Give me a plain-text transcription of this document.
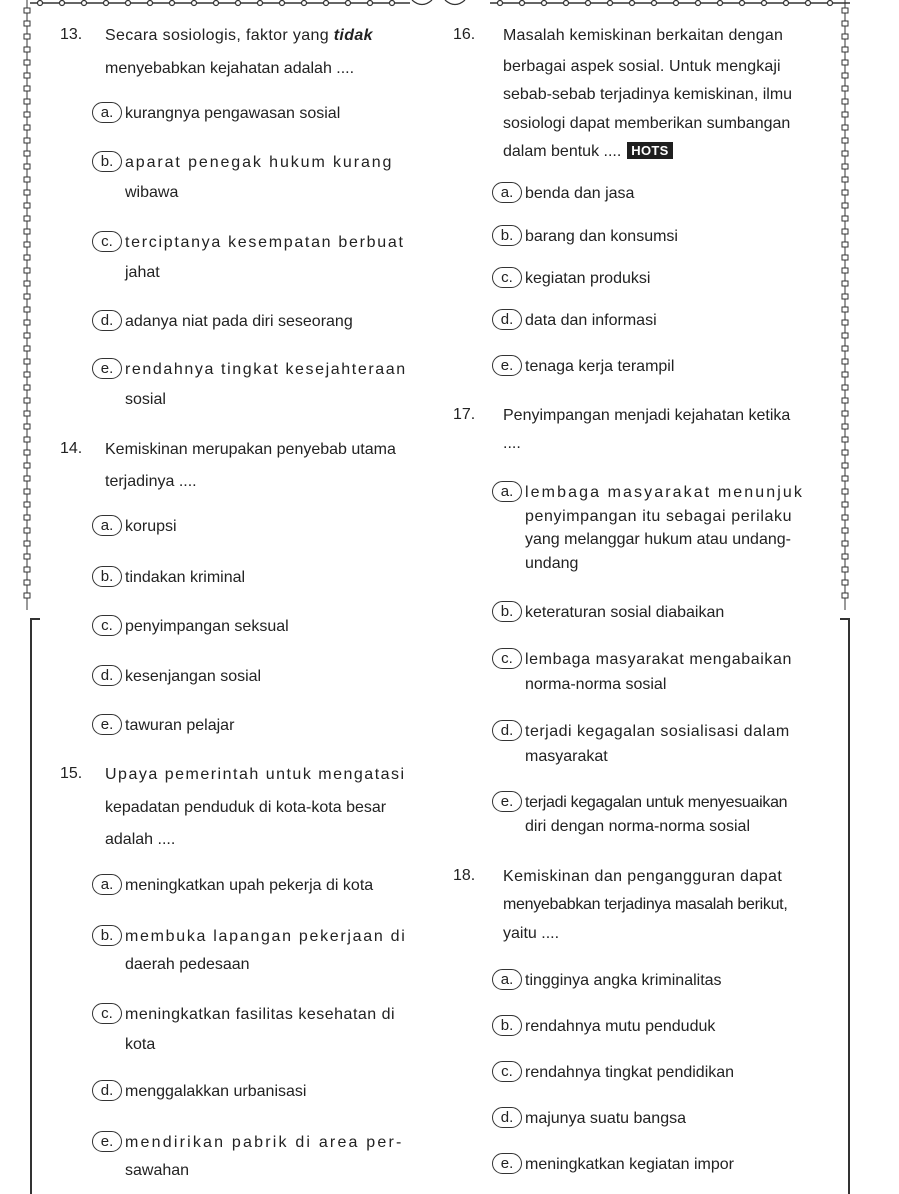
13. Secara sosiologis, faktor yang tidak
menyebabkan kejahatan adalah ....
a. kurangnya pengawasan sosial
b. aparat penegak hukum kurang
wibawa
c. terciptanya kesempatan berbuat
jahat
d. adanya niat pada diri seseorang
e. rendahnya tingkat kesejahteraan
sosial
14. Kemiskinan merupakan penyebab utama
terjadinya ....
a. korupsi
b. tindakan kriminal
c. penyimpangan seksual
d. kesenjangan sosial
e. tawuran pelajar
15. Upaya pemerintah untuk mengatasi
kepadatan penduduk di kota-kota besar
adalah ....
a. meningkatkan upah pekerja di kota
b. membuka lapangan pekerjaan di
daerah pedesaan
c. meningkatkan fasilitas kesehatan di
kota
d. menggalakkan urbanisasi
e. mendirikan pabrik di area per-
sawahan
16. Masalah kemiskinan berkaitan dengan
berbagai aspek sosial. Untuk mengkaji
sebab-sebab terjadinya kemiskinan, ilmu
sosiologi dapat memberikan sumbangan
dalam bentuk .... HOTS
a. benda dan jasa
b. barang dan konsumsi
c. kegiatan produksi
d. data dan informasi
e. tenaga kerja terampil
17. Penyimpangan menjadi kejahatan ketika
....
a. lembaga masyarakat menunjuk
penyimpangan itu sebagai perilaku
yang melanggar hukum atau undang-
undang
b. keteraturan sosial diabaikan
c. lembaga masyarakat mengabaikan
norma-norma sosial
d. terjadi kegagalan sosialisasi dalam
masyarakat
e. terjadi kegagalan untuk menyesuaikan
diri dengan norma-norma sosial
18. Kemiskinan dan pengangguran dapat
menyebabkan terjadinya masalah berikut,
yaitu ....
a. tingginya angka kriminalitas
b. rendahnya mutu penduduk
c. rendahnya tingkat pendidikan
d. majunya suatu bangsa
e. meningkatkan kegiatan impor
